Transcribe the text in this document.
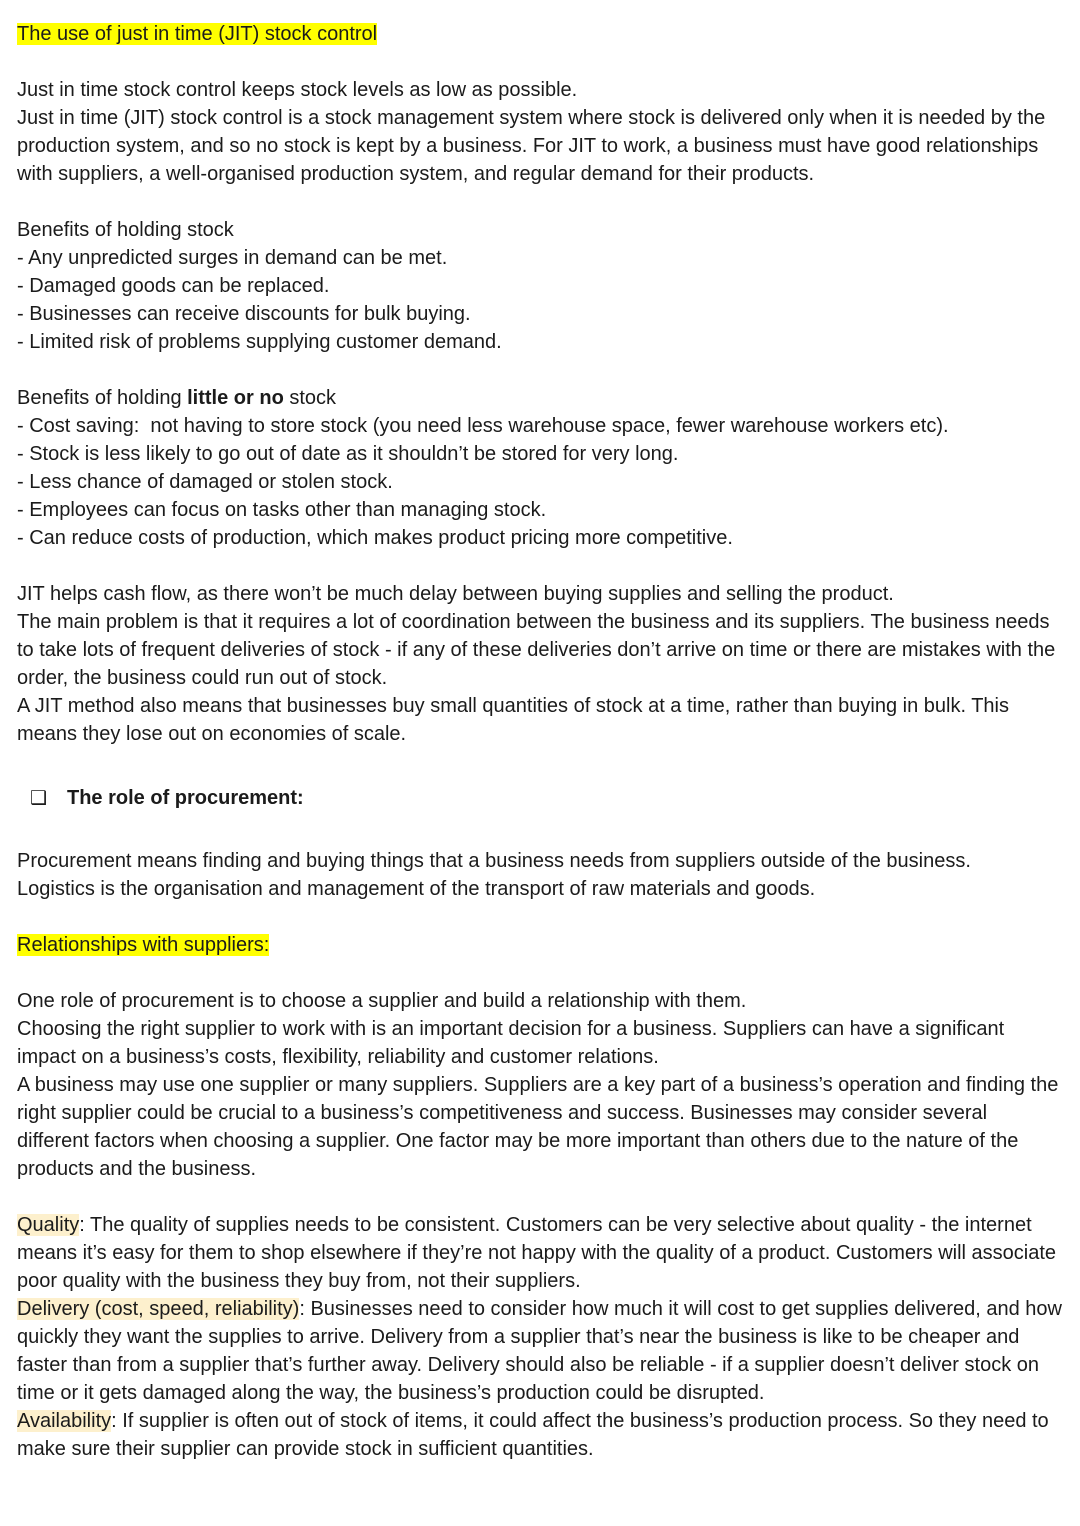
The use of just in time (JIT) stock control
Just in time stock control keeps stock levels as low as possible.
Just in time (JIT) stock control is a stock management system where stock is delivered only when it is needed by the production system, and so no stock is kept by a business. For JIT to work, a business must have good relationships with suppliers, a well-organised production system, and regular demand for their products.
Benefits of holding stock
- Any unpredicted surges in demand can be met.
- Damaged goods can be replaced.
- Businesses can receive discounts for bulk buying.
- Limited risk of problems supplying customer demand.
Benefits of holding little or no stock
- Cost saving:  not having to store stock (you need less warehouse space, fewer warehouse workers etc).
- Stock is less likely to go out of date as it shouldn’t be stored for very long.
- Less chance of damaged or stolen stock.
- Employees can focus on tasks other than managing stock.
- Can reduce costs of production, which makes product pricing more competitive.
JIT helps cash flow, as there won’t be much delay between buying supplies and selling the product.
The main problem is that it requires a lot of coordination between the business and its suppliers. The business needs to take lots of frequent deliveries of stock - if any of these deliveries don’t arrive on time or there are mistakes with the order, the business could run out of stock.
A JIT method also means that businesses buy small quantities of stock at a time, rather than buying in bulk. This means they lose out on economies of scale.
❑ The role of procurement:
Procurement means finding and buying things that a business needs from suppliers outside of the business.
Logistics is the organisation and management of the transport of raw materials and goods.
Relationships with suppliers:
One role of procurement is to choose a supplier and build a relationship with them.
Choosing the right supplier to work with is an important decision for a business. Suppliers can have a significant impact on a business’s costs, flexibility, reliability and customer relations.
A business may use one supplier or many suppliers. Suppliers are a key part of a business’s operation and finding the right supplier could be crucial to a business’s competitiveness and success. Businesses may consider several different factors when choosing a supplier. One factor may be more important than others due to the nature of the products and the business.
Quality: The quality of supplies needs to be consistent. Customers can be very selective about quality - the internet means it’s easy for them to shop elsewhere if they’re not happy with the quality of a product. Customers will associate poor quality with the business they buy from, not their suppliers.
Delivery (cost, speed, reliability): Businesses need to consider how much it will cost to get supplies delivered, and how quickly they want the supplies to arrive. Delivery from a supplier that’s near the business is like to be cheaper and faster than from a supplier that’s further away. Delivery should also be reliable - if a supplier doesn’t deliver stock on time or it gets damaged along the way, the business’s production could be disrupted.
Availability: If supplier is often out of stock of items, it could affect the business’s production process. So they need to make sure their supplier can provide stock in sufficient quantities.
